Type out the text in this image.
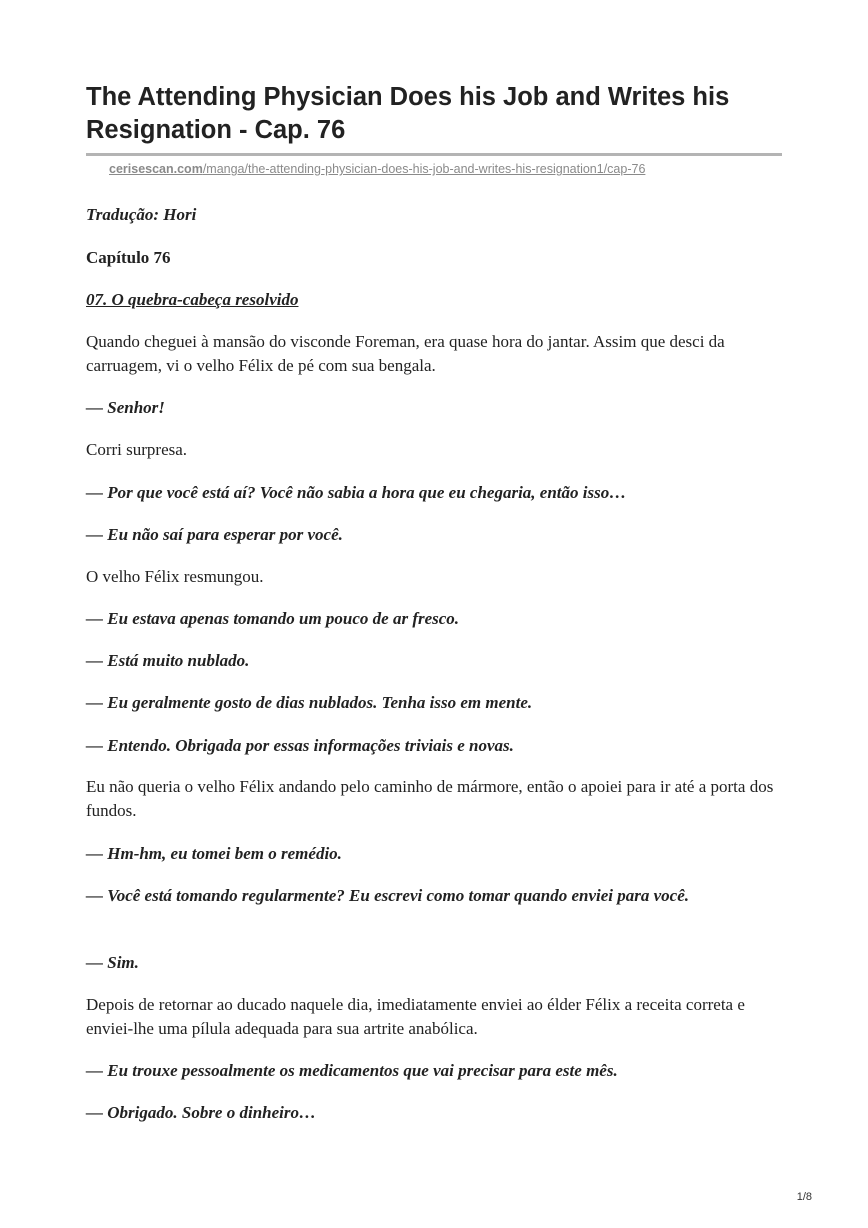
The Attending Physician Does his Job and Writes his Resignation - Cap. 76
cerisescan.com/manga/the-attending-physician-does-his-job-and-writes-his-resignation1/cap-76

Tradução: Hori

Capítulo 76

07. O quebra-cabeça resolvido

Quando cheguei à mansão do visconde Foreman, era quase hora do jantar. Assim que desci da carruagem, vi o velho Félix de pé com sua bengala.

— Senhor!

Corri surpresa.

— Por que você está aí? Você não sabia a hora que eu chegaria, então isso…

— Eu não saí para esperar por você.

O velho Félix resmungou.

— Eu estava apenas tomando um pouco de ar fresco.

— Está muito nublado.

— Eu geralmente gosto de dias nublados. Tenha isso em mente.

— Entendo. Obrigada por essas informações triviais e novas.

Eu não queria o velho Félix andando pelo caminho de mármore, então o apoiei para ir até a porta dos fundos.

— Hm-hm, eu tomei bem o remédio.

— Você está tomando regularmente? Eu escrevi como tomar quando enviei para você.

— Sim.

Depois de retornar ao ducado naquele dia, imediatamente enviei ao élder Félix a receita correta e enviei-lhe uma pílula adequada para sua artrite anabólica.

— Eu trouxe pessoalmente os medicamentos que vai precisar para este mês.

— Obrigado. Sobre o dinheiro…

1/8
